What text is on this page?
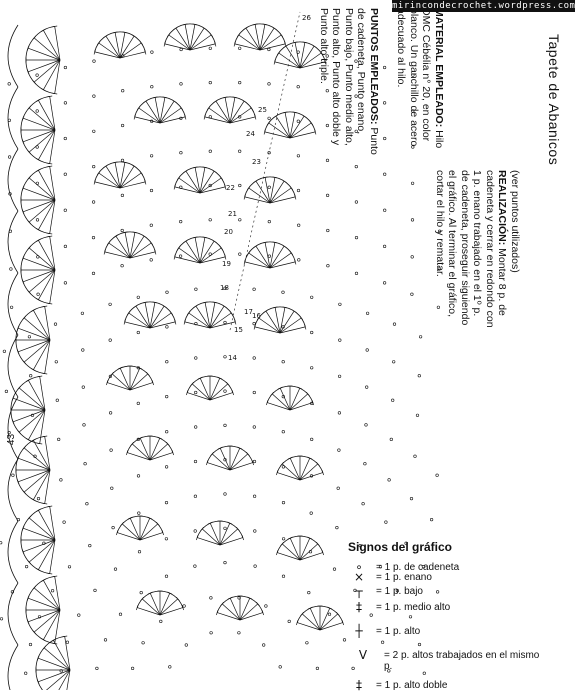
mirincondecrochet.wordpress.com
Tapete de Abanicos
MATERIAL EMPLEADO: Hilo DMC Cébélia n° 20, en color blanco. Un ganchillo de acero adecuado al hilo.
PUNTOS EMPLEADOS: Punto de cadeneta, Punto enano, Punto bajo, Punto medio alto, Punto alto, Punto alto doble y Punto alto triple.
(ver puntos utilizados)
REALIZACIÓN: Montar 8 p. de cadeneta y cerrar en redondo con 1 p. enano trabajado en el 1º p. de cadeneta, proseguir siguiendo el gráfico. Al terminar el gráfico, cortar el hilo y rematar.
43
26
25
24
23
22
21
20
19
18
17 16
15
14
Signos del gráfico
∘	= 1 p. de cadeneta
×	= 1 p. enano
┬	= 1 p. bajo
‡	= 1 p. medio alto
┼	= 1 p. alto
V	= 2 p. altos trabajados en el mismo p.
‡	= 1 p. alto doble
